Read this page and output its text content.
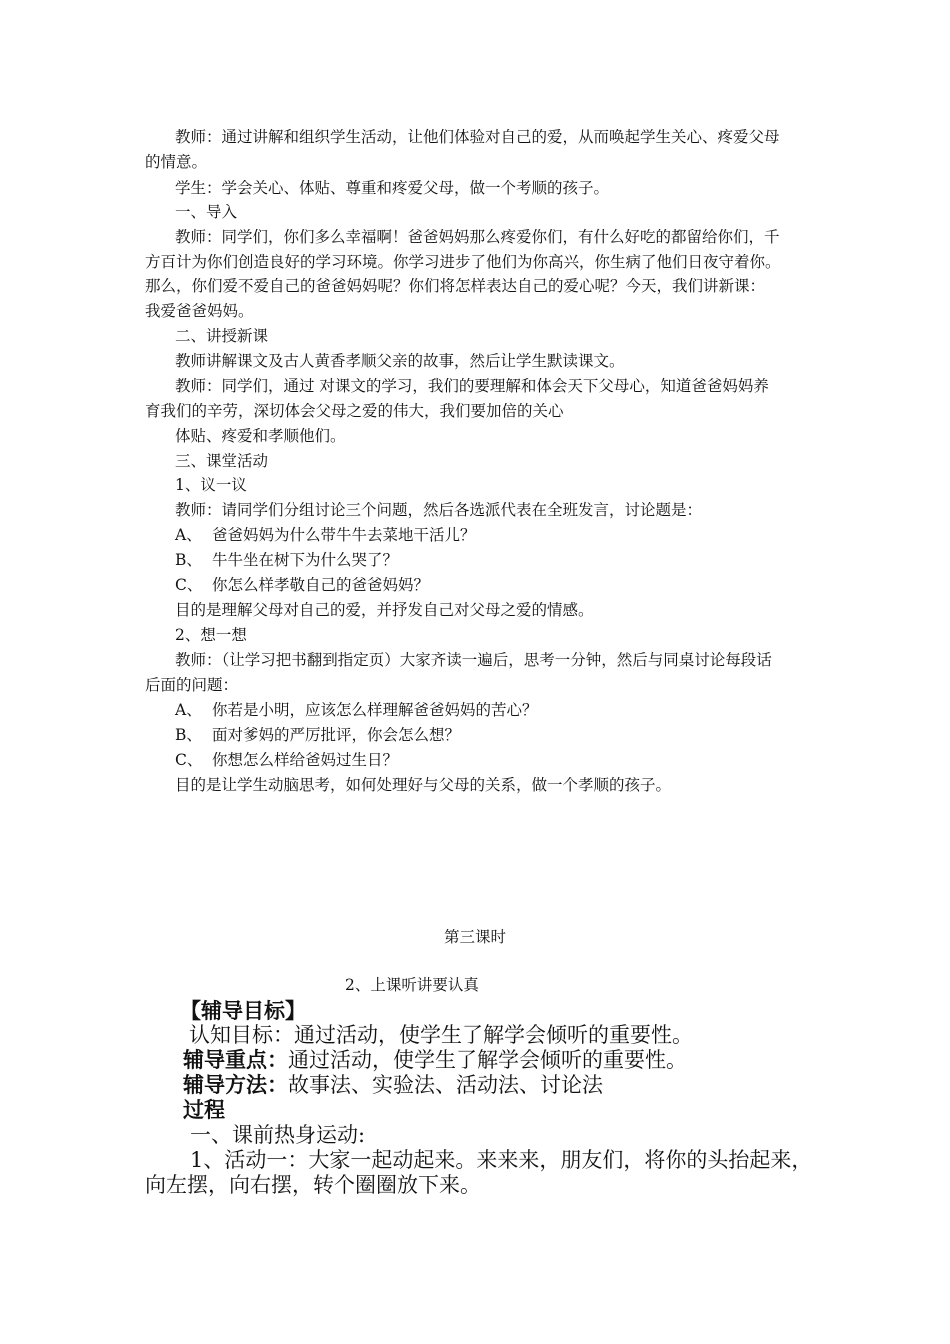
教师：通过讲解和组织学生活动，让他们体验对自己的爱，从而唤起学生关心、疼爱父母
的情意。
学生：学会关心、体贴、尊重和疼爱父母，做一个考顺的孩子。
一、导入
教师：同学们，你们多么幸福啊！爸爸妈妈那么疼爱你们，有什么好吃的都留给你们，千
方百计为你们创造良好的学习环境。你学习进步了他们为你高兴，你生病了他们日夜守着你。
那么，你们爱不爱自己的爸爸妈妈呢？你们将怎样表达自己的爱心呢？今天，我们讲新课：
我爱爸爸妈妈。
二、讲授新课
教师讲解课文及古人黄香孝顺父亲的故事，然后让学生默读课文。
教师：同学们，通过 对课文的学习，我们的要理解和体会天下父母心，知道爸爸妈妈养
育我们的辛劳，深切体会父母之爱的伟大，我们要加倍的关心
体贴、疼爱和孝顺他们。
三、课堂活动
1、议一议
教师：请同学们分组讨论三个问题，然后各选派代表在全班发言，讨论题是：
A、 爸爸妈妈为什么带牛牛去菜地干活儿？
B、 牛牛坐在树下为什么哭了？
C、 你怎么样孝敬自己的爸爸妈妈？
目的是理解父母对自己的爱，并抒发自己对父母之爱的情感。
2、想一想
教师：（让学习把书翻到指定页）大家齐读一遍后，思考一分钟，然后与同桌讨论每段话
后面的问题：
A、 你若是小明，应该怎么样理解爸爸妈妈的苦心？
B、 面对爹妈的严厉批评，你会怎么想？
C、 你想怎么样给爸妈过生日？
目的是让学生动脑思考，如何处理好与父母的关系，做一个孝顺的孩子。
第三课时
2、上课听讲要认真
【辅导目标】
认知目标：通过活动，使学生了解学会倾听的重要性。
辅导重点：通过活动，使学生了解学会倾听的重要性。
辅导方法：故事法、实验法、活动法、讨论法
过程
一、课前热身运动:
1、活动一：大家一起动起来。来来来，朋友们，将你的头抬起来，
向左摆，向右摆，转个圈圈放下来。
